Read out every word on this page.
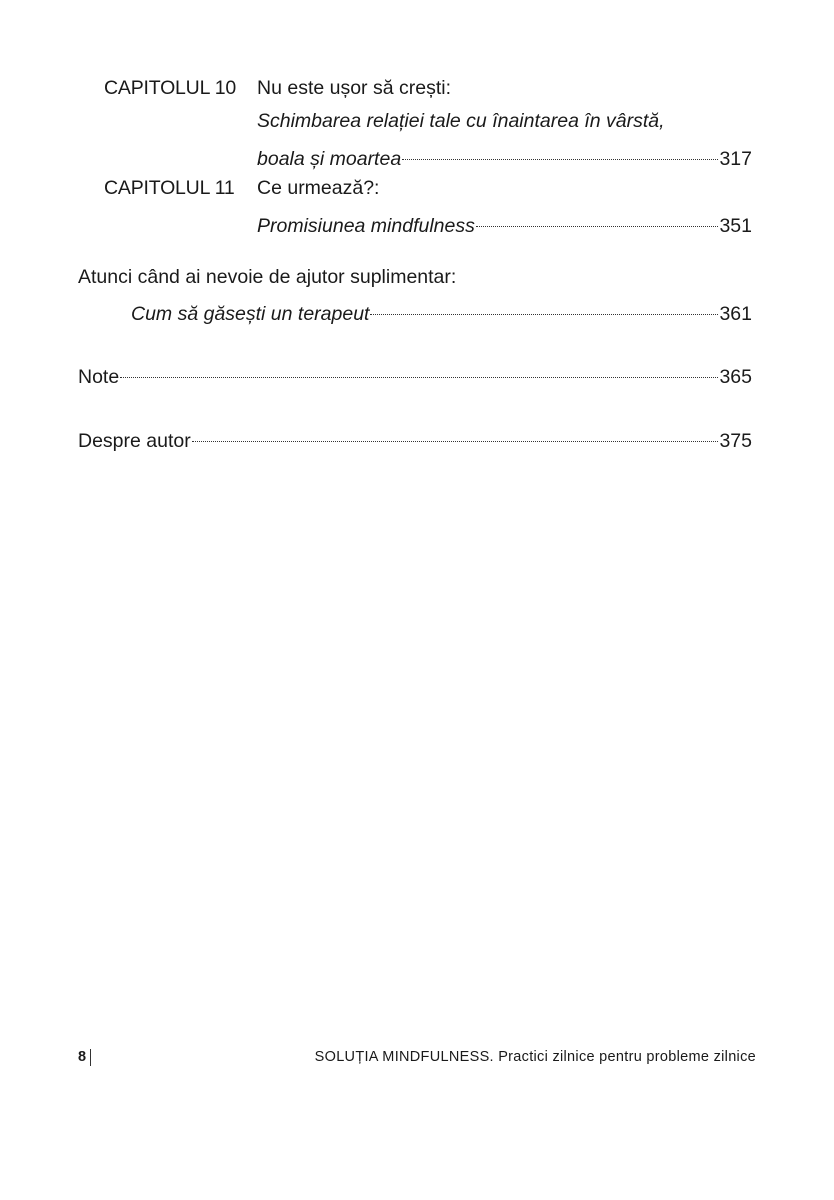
CAPITOLUL 10 Nu este ușor să crești:
Schimbarea relației tale cu înaintarea în vârstă,
boala și moartea	317
CAPITOLUL 11 Ce urmează?:
Promisiunea mindfulness	351
Atunci când ai nevoie de ajutor suplimentar:
Cum să găsești un terapeut	361
Note	365
Despre autor	375
8	SOLUȚIA MINDFULNESS. Practici zilnice pentru probleme zilnice
